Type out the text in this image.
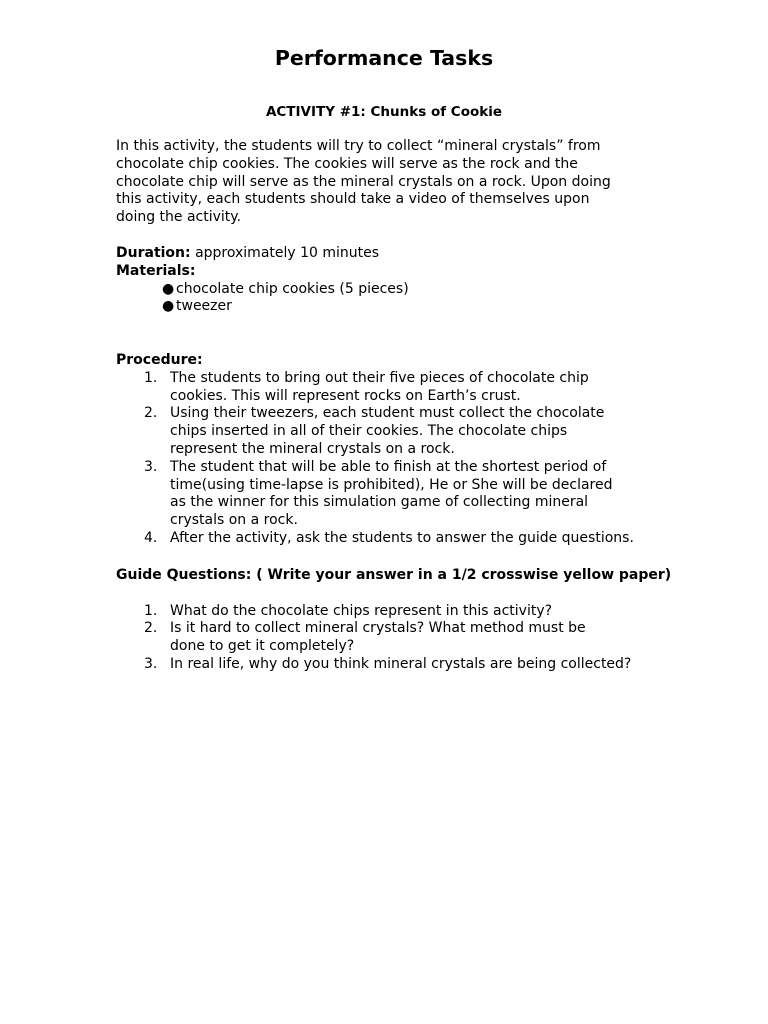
Performance Tasks
ACTIVITY #1: Chunks of Cookie
In this activity, the students will try to collect “mineral crystals” from
chocolate chip cookies. The cookies will serve as the rock and the
chocolate chip will serve as the mineral crystals on a rock. Upon doing
this activity, each students should take a video of themselves upon
doing the activity.
Duration: approximately 10 minutes
Materials:
● chocolate chip cookies (5 pieces)
● tweezer
Procedure:
1. The students to bring out their five pieces of chocolate chip
cookies. This will represent rocks on Earth’s crust.
2. Using their tweezers, each student must collect the chocolate
chips inserted in all of their cookies. The chocolate chips
represent the mineral crystals on a rock.
3. The student that will be able to finish at the shortest period of
time(using time-lapse is prohibited), He or She will be declared
as the winner for this simulation game of collecting mineral
crystals on a rock.
4. After the activity, ask the students to answer the guide questions.
Guide Questions: ( Write your answer in a 1/2 crosswise yellow paper)
1. What do the chocolate chips represent in this activity?
2. Is it hard to collect mineral crystals? What method must be
done to get it completely?
3. In real life, why do you think mineral crystals are being collected?
